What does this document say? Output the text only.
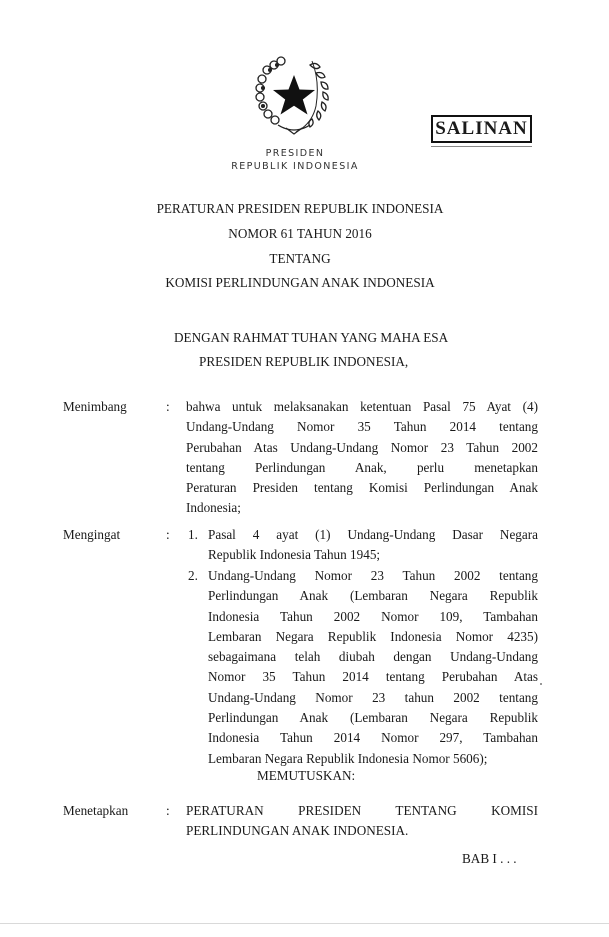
SALINAN
PRESIDEN
REPUBLIK INDONESIA
PERATURAN PRESIDEN REPUBLIK INDONESIA
NOMOR 61 TAHUN 2016
TENTANG
KOMISI PERLINDUNGAN ANAK INDONESIA
DENGAN RAHMAT TUHAN YANG MAHA ESA
PRESIDEN REPUBLIK INDONESIA,
Menimbang	: bahwa untuk melaksanakan ketentuan Pasal 75 Ayat (4)
Undang-Undang Nomor 35 Tahun 2014 tentang
Perubahan Atas Undang-Undang Nomor 23 Tahun 2002
tentang Perlindungan Anak, perlu menetapkan
Peraturan Presiden tentang Komisi Perlindungan Anak
Indonesia;
Mengingat	: 1. Pasal 4 ayat (1) Undang-Undang Dasar Negara
Republik Indonesia Tahun 1945;
2. Undang-Undang Nomor 23 Tahun 2002 tentang
Perlindungan Anak (Lembaran Negara Republik
Indonesia Tahun 2002 Nomor 109, Tambahan
Lembaran Negara Republik Indonesia Nomor 4235)
sebagaimana telah diubah dengan Undang-Undang
Nomor 35 Tahun 2014 tentang Perubahan Atas
Undang-Undang Nomor 23 tahun 2002 tentang
Perlindungan Anak (Lembaran Negara Republik
Indonesia Tahun 2014 Nomor 297, Tambahan
Lembaran Negara Republik Indonesia Nomor 5606);
MEMUTUSKAN:
Menetapkan	: PERATURAN PRESIDEN TENTANG KOMISI
PERLINDUNGAN ANAK INDONESIA.
BAB I . . .
